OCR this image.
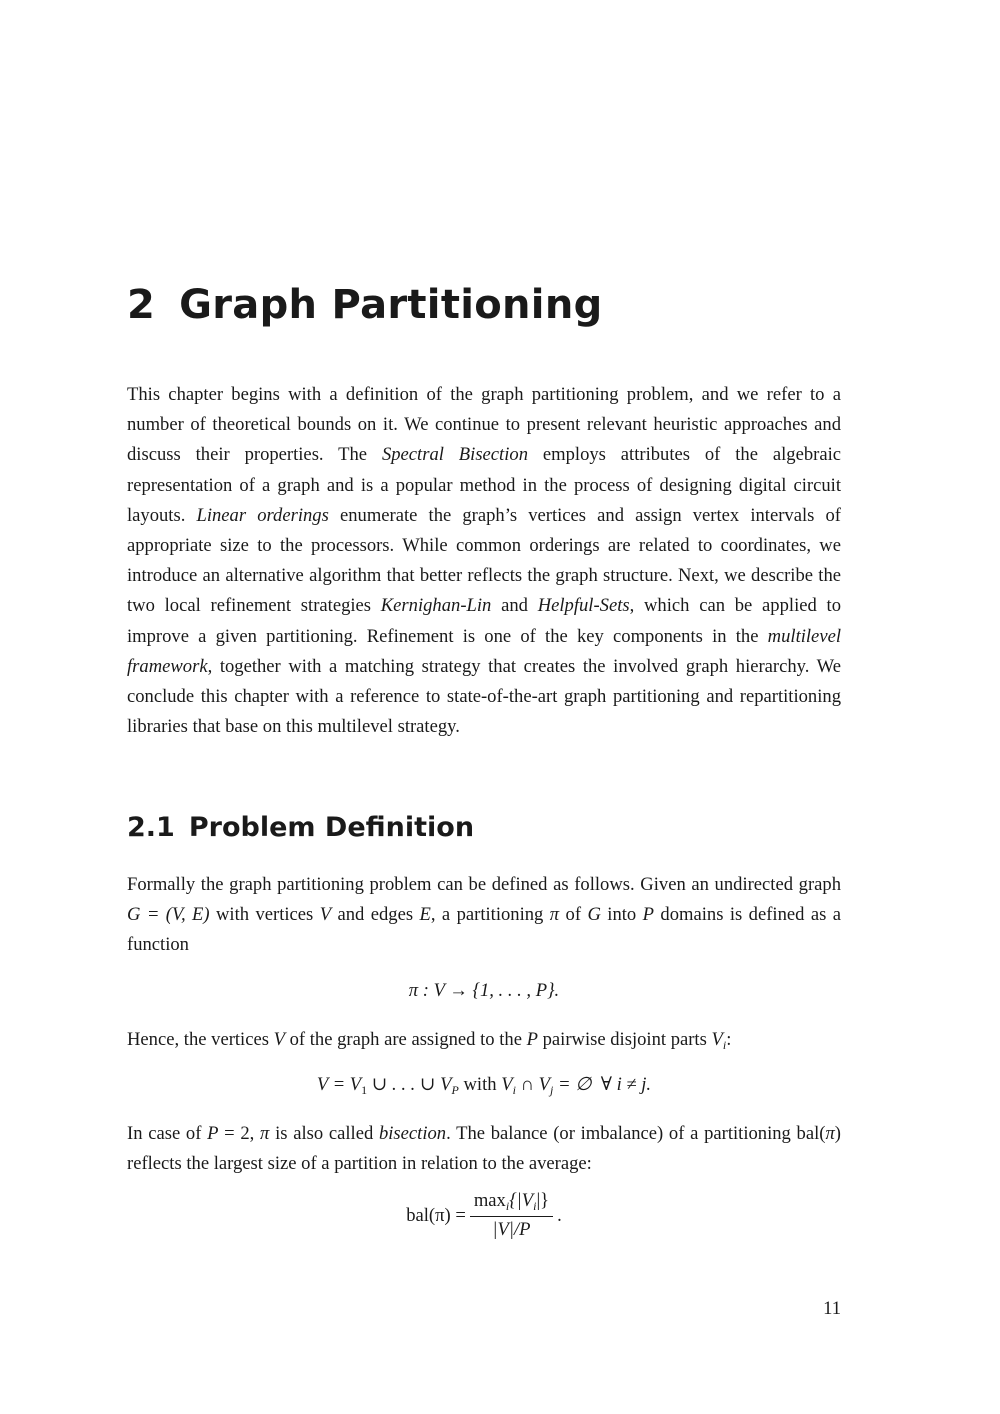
2 Graph Partitioning

This chapter begins with a definition of the graph partitioning problem, and we refer to a number of theoretical bounds on it. We continue to present relevant heuristic approaches and discuss their properties. The Spectral Bisection employs attributes of the algebraic representation of a graph and is a popular method in the process of designing digital circuit layouts. Linear orderings enumerate the graph’s vertices and assign vertex intervals of appropriate size to the processors. While common orderings are related to coordinates, we introduce an alternative algorithm that better reflects the graph structure. Next, we describe the two local refinement strategies Kernighan-Lin and Helpful-Sets, which can be applied to improve a given partitioning. Refinement is one of the key components in the multilevel framework, together with a matching strategy that creates the involved graph hierarchy. We conclude this chapter with a reference to state-of-the-art graph partitioning and repartitioning libraries that base on this multilevel strategy.

2.1 Problem Definition

Formally the graph partitioning problem can be defined as follows. Given an undirected graph G = (V, E) with vertices V and edges E, a partitioning π of G into P domains is defined as a function

π : V → {1, . . . , P}.

Hence, the vertices V of the graph are assigned to the P pairwise disjoint parts $V_i$:

$V = V_1$ ∪ . . . ∪ $V_P$ with $V_i$ ∩ $V_j$ = ∅  ∀ i ≠ j.

In case of P = 2, π is also called bisection. The balance (or imbalance) of a partitioning bal(π) reflects the largest size of a partition in relation to the average:

$bal(\pi) = \frac{\max_i\{|V_i|\}}{|V|/P}$ .
11
